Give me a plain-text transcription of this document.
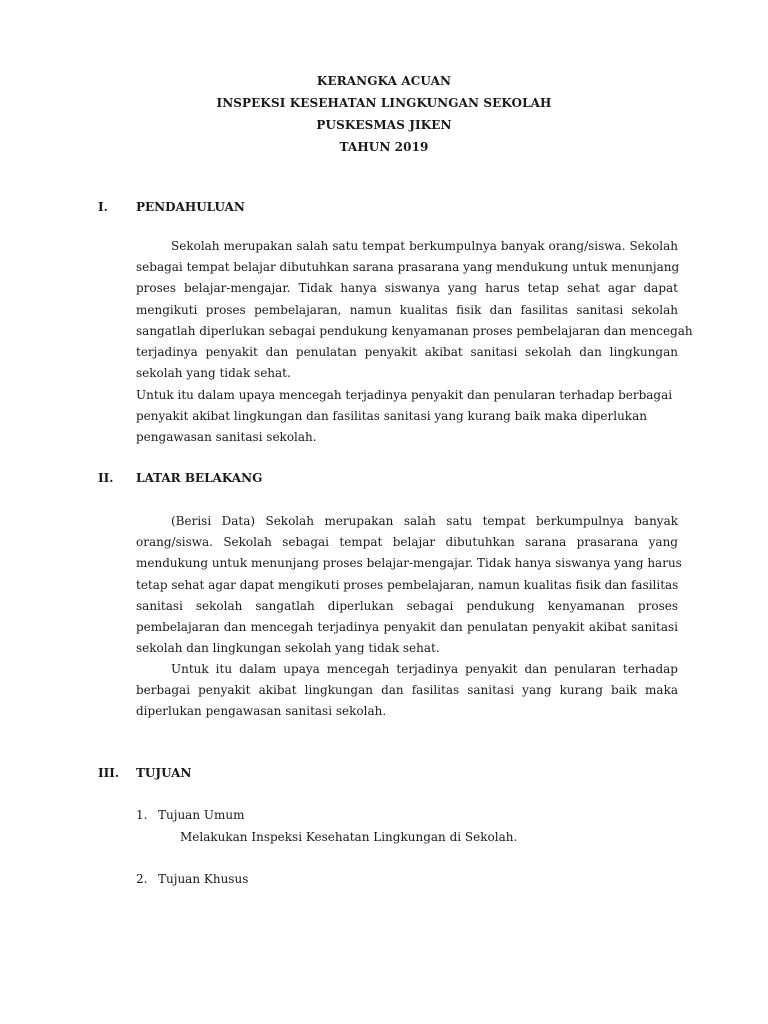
KERANGKA ACUAN
INSPEKSI KESEHATAN LINGKUNGAN SEKOLAH
PUSKESMAS JIKEN
TAHUN 2019
I. PENDAHULUAN
Sekolah merupakan salah satu tempat berkumpulnya banyak orang/siswa. Sekolah
sebagai tempat belajar dibutuhkan sarana prasarana yang mendukung untuk menunjang
proses belajar-mengajar. Tidak hanya siswanya yang harus tetap sehat agar dapat
mengikuti proses pembelajaran, namun kualitas fisik dan fasilitas sanitasi sekolah
sangatlah diperlukan sebagai pendukung kenyamanan proses pembelajaran dan mencegah
terjadinya penyakit dan penulatan penyakit akibat sanitasi sekolah dan lingkungan
sekolah yang tidak sehat.
Untuk itu dalam upaya mencegah terjadinya penyakit dan penularan terhadap berbagai
penyakit akibat lingkungan dan fasilitas sanitasi yang kurang baik maka diperlukan
pengawasan sanitasi sekolah.
II. LATAR BELAKANG
(Berisi Data) Sekolah merupakan salah satu tempat berkumpulnya banyak
orang/siswa. Sekolah sebagai tempat belajar dibutuhkan sarana prasarana yang
mendukung untuk menunjang proses belajar-mengajar. Tidak hanya siswanya yang harus
tetap sehat agar dapat mengikuti proses pembelajaran, namun kualitas fisik dan fasilitas
sanitasi sekolah sangatlah diperlukan sebagai pendukung kenyamanan proses
pembelajaran dan mencegah terjadinya penyakit dan penulatan penyakit akibat sanitasi
sekolah dan lingkungan sekolah yang tidak sehat.
Untuk itu dalam upaya mencegah terjadinya penyakit dan penularan terhadap
berbagai penyakit akibat lingkungan dan fasilitas sanitasi yang kurang baik maka
diperlukan pengawasan sanitasi sekolah.
III. TUJUAN
1. Tujuan Umum
Melakukan Inspeksi Kesehatan Lingkungan di Sekolah.
2. Tujuan Khusus
